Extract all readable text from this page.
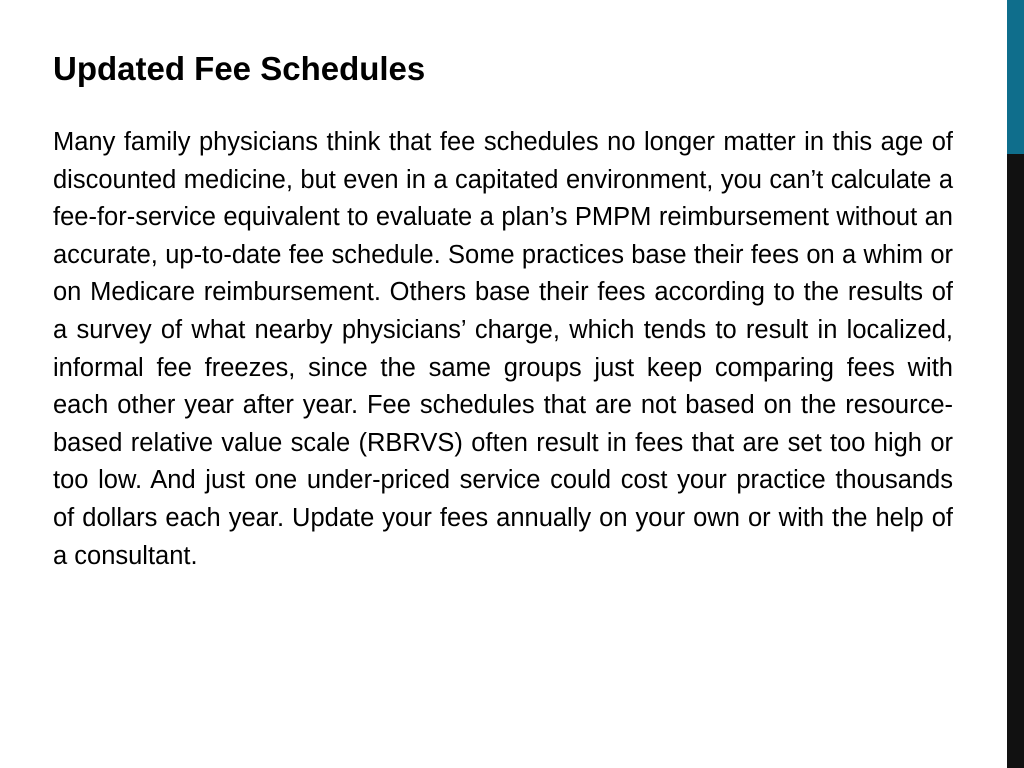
Updated Fee Schedules

Many family physicians think that fee schedules no longer matter in this age of discounted medicine, but even in a capitated environment, you can’t calculate a fee-for-service equivalent to evaluate a plan’s PMPM reimbursement without an accurate, up-to-date fee schedule. Some practices base their fees on a whim or on Medicare reimbursement. Others base their fees according to the results of a survey of what nearby physicians’ charge, which tends to result in localized, informal fee freezes, since the same groups just keep comparing fees with each other year after year. Fee schedules that are not based on the resource-based relative value scale (RBRVS) often result in fees that are set too high or too low. And just one under-priced service could cost your practice thousands of dollars each year. Update your fees annually on your own or with the help of a consultant.
